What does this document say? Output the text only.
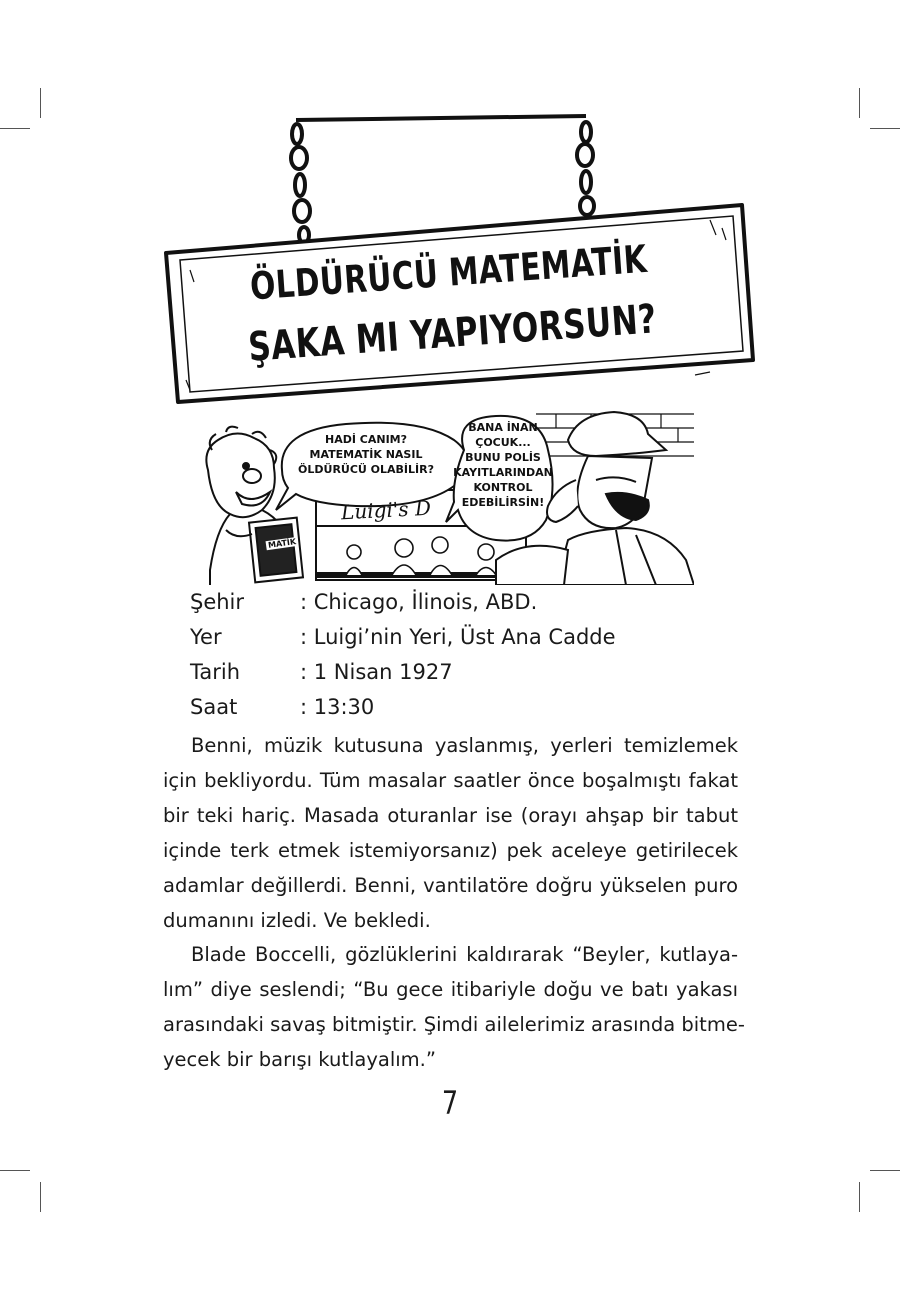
ÖLDÜRÜCÜ MATEMATİK
ŞAKA MI YAPIYORSUN?
HADİ CANIM?
MATEMATİK NASIL
ÖLDÜRÜCÜ OLABİLİR?
BANA İNAN
ÇOCUK...
BUNU POLİS
KAYITLARINDAN
KONTROL
EDEBİLİRSİN!
Luigi's D
MATİK
Şehir	: Chicago, İlinois, ABD.
Yer	: Luigi’nin Yeri, Üst Ana Cadde
Tarih	: 1 Nisan 1927
Saat	: 13:30
Benni, müzik kutusuna yaslanmış, yerleri temizlemek
için bekliyordu. Tüm masalar saatler önce boşalmıştı fakat
bir teki hariç. Masada oturanlar ise (orayı ahşap bir tabut
içinde terk etmek istemiyorsanız) pek aceleye getirilecek
adamlar değillerdi. Benni, vantilatöre doğru yükselen puro
dumanını izledi. Ve bekledi.
Blade Boccelli, gözlüklerini kaldırarak “Beyler, kutlaya-
lım” diye seslendi; “Bu gece itibariyle doğu ve batı yakası
arasındaki savaş bitmiştir. Şimdi ailelerimiz arasında bitme-
yecek bir barışı kutlayalım.”
7
